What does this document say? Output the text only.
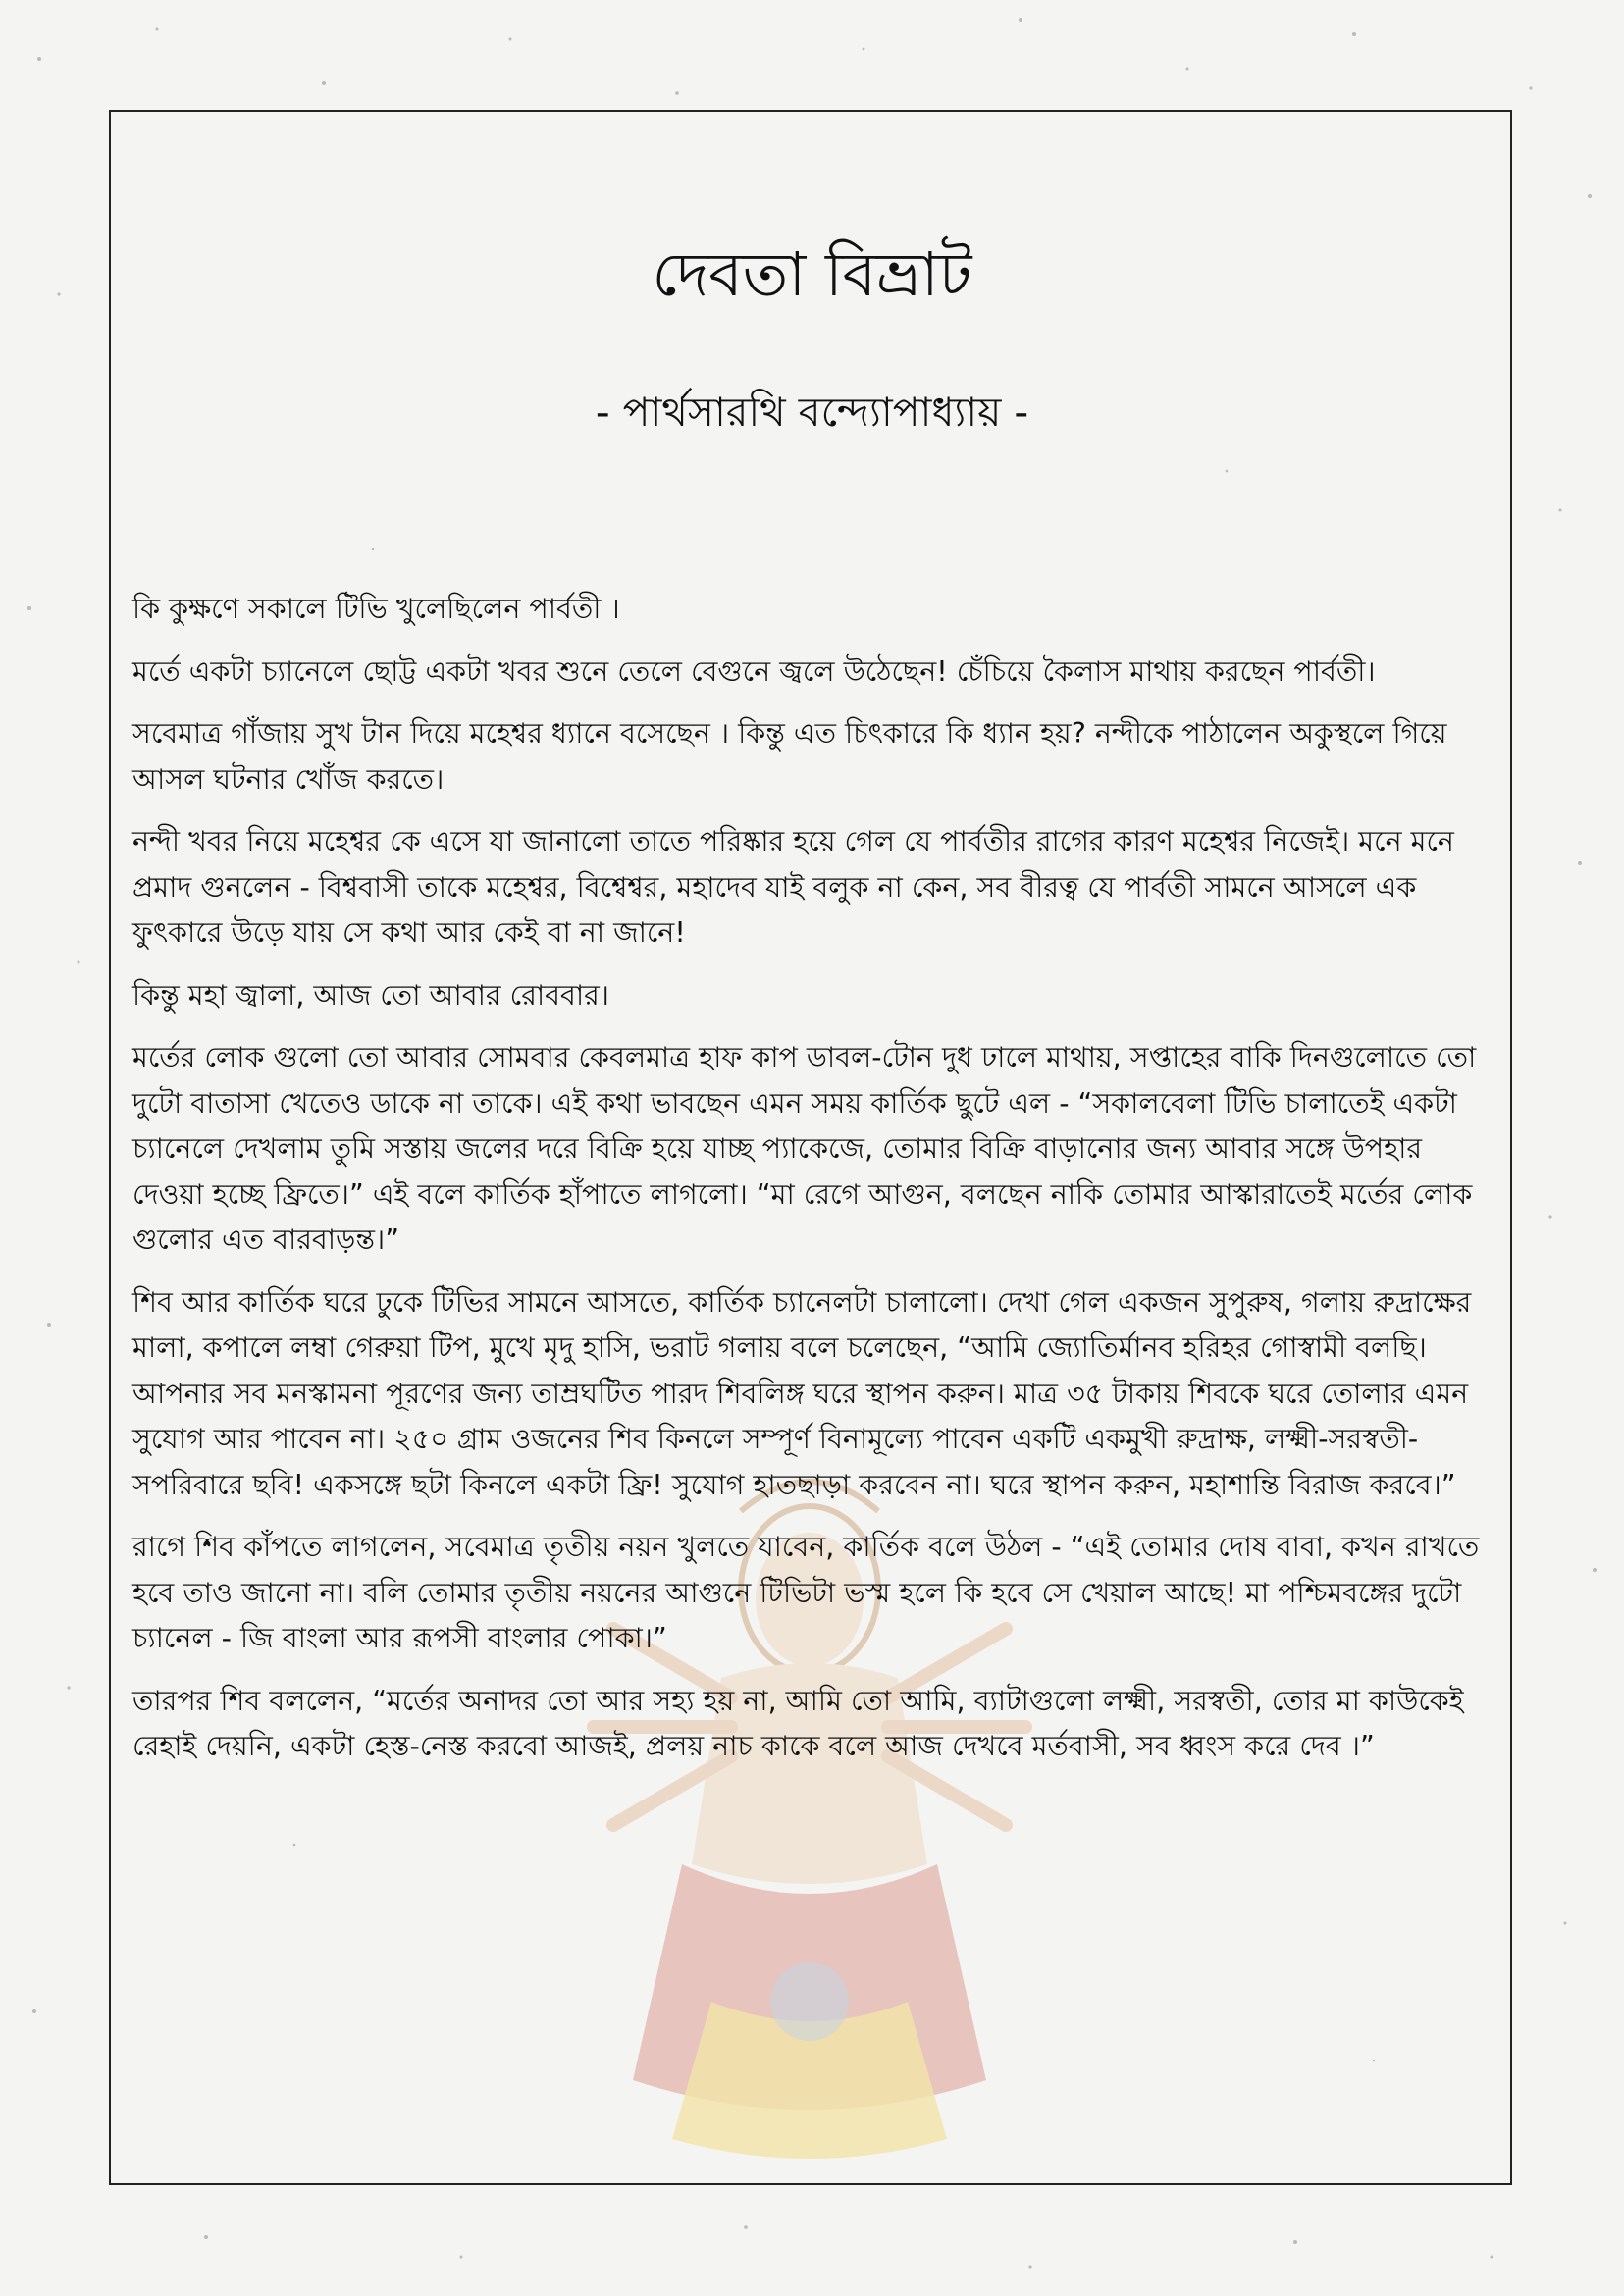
দেবতা বিভ্রাট
- পার্থসারথি বন্দ্যোপাধ্যায় -

কি কুক্ষণে সকালে টিভি খুলেছিলেন পার্বতী ।

মর্তে একটা চ্যানেলে ছোট্ট একটা খবর শুনে তেলে বেগুনে জ্বলে উঠেছেন! চেঁচিয়ে কৈলাস মাথায় করছেন পার্বতী।

সবেমাত্র গাঁজায় সুখ টান দিয়ে মহেশ্বর ধ্যানে বসেছেন । কিন্তু এত চিৎকারে কি ধ্যান হয়? নন্দীকে পাঠালেন অকুস্থলে গিয়ে আসল ঘটনার খোঁজ করতে।

নন্দী খবর নিয়ে মহেশ্বর কে এসে যা জানালো তাতে পরিষ্কার হয়ে গেল যে পার্বতীর রাগের কারণ মহেশ্বর নিজেই। মনে মনে প্রমাদ গুনলেন - বিশ্ববাসী তাকে মহেশ্বর, বিশ্বেশ্বর, মহাদেব যাই বলুক না কেন, সব বীরত্ব যে পার্বতী সামনে আসলে এক ফুৎকারে উড়ে যায় সে কথা আর কেই বা না জানে!

কিন্তু মহা জ্বালা, আজ তো আবার রোববার।

মর্তের লোক গুলো তো আবার সোমবার কেবলমাত্র হাফ কাপ ডাবল-টোন দুধ ঢালে মাথায়, সপ্তাহের বাকি দিনগুলোতে তো দুটো বাতাসা খেতেও ডাকে না তাকে। এই কথা ভাবছেন এমন সময় কার্তিক ছুটে এল - “সকালবেলা টিভি চালাতেই একটা চ্যানেলে দেখলাম তুমি সস্তায় জলের দরে বিক্রি হয়ে যাচ্ছ প্যাকেজে, তোমার বিক্রি বাড়ানোর জন্য আবার সঙ্গে উপহার দেওয়া হচ্ছে ফ্রিতে।” এই বলে কার্তিক হাঁপাতে লাগলো। “মা রেগে আগুন, বলছেন নাকি তোমার আস্কারাতেই মর্তের লোক গুলোর এত বারবাড়ন্ত।”

শিব আর কার্তিক ঘরে ঢুকে টিভির সামনে আসতে, কার্তিক চ্যানেলটা চালালো। দেখা গেল একজন সুপুরুষ, গলায় রুদ্রাক্ষের মালা, কপালে লম্বা গেরুয়া টিপ, মুখে মৃদু হাসি, ভরাট গলায় বলে চলেছেন, “আমি জ্যোতির্মানব হরিহর গোস্বামী বলছি। আপনার সব মনস্কামনা পূরণের জন্য তাম্রঘটিত পারদ শিবলিঙ্গ ঘরে স্থাপন করুন। মাত্র ৩৫ টাকায় শিবকে ঘরে তোলার এমন সুযোগ আর পাবেন না। ২৫০ গ্রাম ওজনের শিব কিনলে সম্পূর্ণ বিনামূল্যে পাবেন একটি একমুখী রুদ্রাক্ষ, লক্ষ্মী-সরস্বতী-সপরিবারে ছবি! একসঙ্গে ছটা কিনলে একটা ফ্রি! সুযোগ হাতছাড়া করবেন না। ঘরে স্থাপন করুন, মহাশান্তি বিরাজ করবে।”

রাগে শিব কাঁপতে লাগলেন, সবেমাত্র তৃতীয় নয়ন খুলতে যাবেন, কার্তিক বলে উঠল - “এই তোমার দোষ বাবা, কখন রাখতে হবে তাও জানো না। বলি তোমার তৃতীয় নয়নের আগুনে টিভিটা ভস্ম হলে কি হবে সে খেয়াল আছে! মা পশ্চিমবঙ্গের দুটো চ্যানেল - জি বাংলা আর রূপসী বাংলার পোকা।”

তারপর শিব বললেন, “মর্তের অনাদর তো আর সহ্য হয় না, আমি তো আমি, ব্যাটাগুলো লক্ষ্মী, সরস্বতী, তোর মা কাউকেই রেহাই দেয়নি, একটা হেস্ত-নেস্ত করবো আজই, প্রলয় নাচ কাকে বলে আজ দেখবে মর্তবাসী, সব ধ্বংস করে দেব ।”
